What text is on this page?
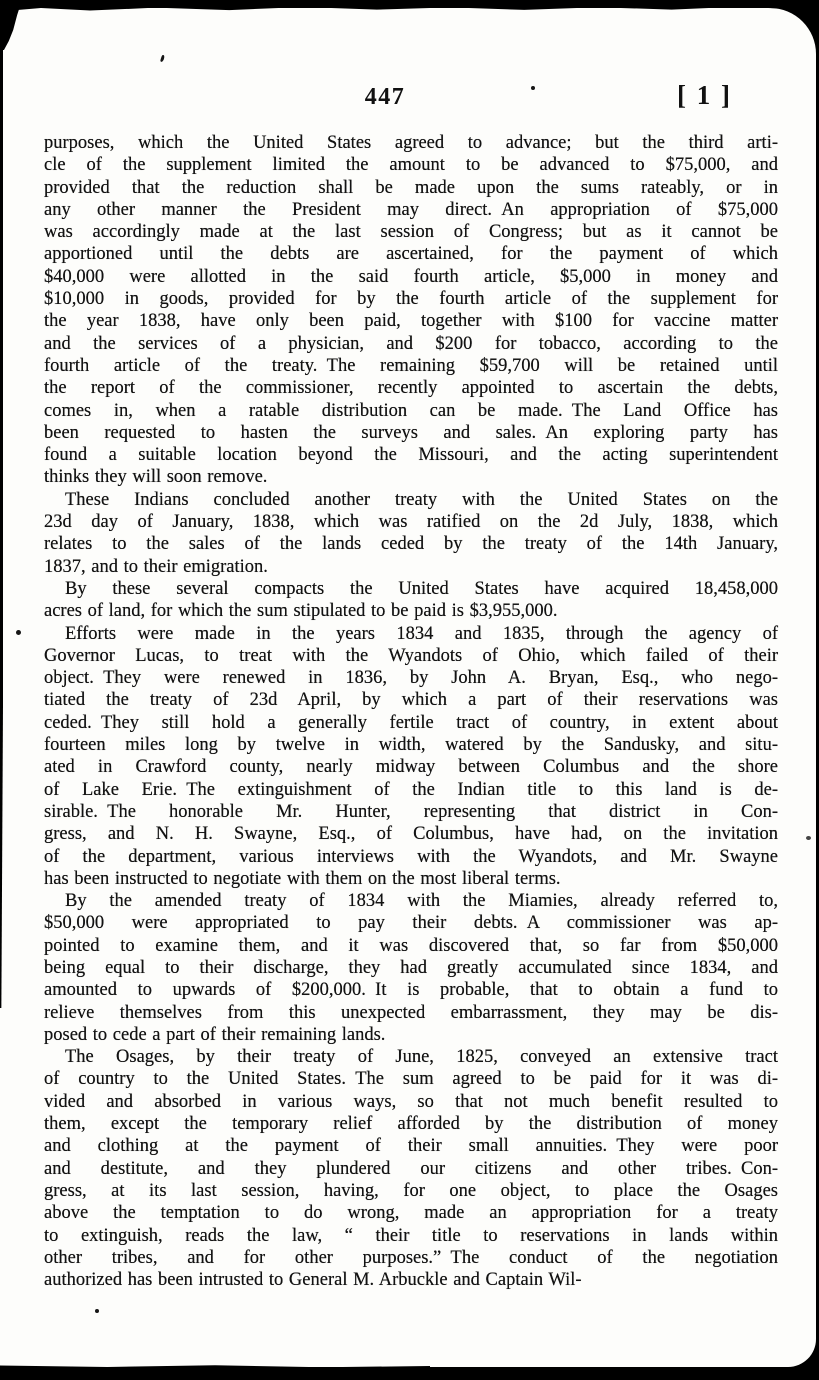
447	[ 1 ]
purposes, which the United States agreed to advance; but the third arti-
cle of the supplement limited the amount to be advanced to $75,000, and
provided that the reduction shall be made upon the sums rateably, or in
any other manner the President may direct. An appropriation of $75,000
was accordingly made at the last session of Congress; but as it cannot be
apportioned until the debts are ascertained, for the payment of which
$40,000 were allotted in the said fourth article, $5,000 in money and
$10,000 in goods, provided for by the fourth article of the supplement for
the year 1838, have only been paid, together with $100 for vaccine matter
and the services of a physician, and $200 for tobacco, according to the
fourth article of the treaty. The remaining $59,700 will be retained until
the report of the commissioner, recently appointed to ascertain the debts,
comes in, when a ratable distribution can be made. The Land Office has
been requested to hasten the surveys and sales. An exploring party has
found a suitable location beyond the Missouri, and the acting superintendent
thinks they will soon remove.
These Indians concluded another treaty with the United States on the
23d day of January, 1838, which was ratified on the 2d July, 1838, which
relates to the sales of the lands ceded by the treaty of the 14th January,
1837, and to their emigration.
By these several compacts the United States have acquired 18,458,000
acres of land, for which the sum stipulated to be paid is $3,955,000.
Efforts were made in the years 1834 and 1835, through the agency of
Governor Lucas, to treat with the Wyandots of Ohio, which failed of their
object. They were renewed in 1836, by John A. Bryan, Esq., who nego-
tiated the treaty of 23d April, by which a part of their reservations was
ceded. They still hold a generally fertile tract of country, in extent about
fourteen miles long by twelve in width, watered by the Sandusky, and situ-
ated in Crawford county, nearly midway between Columbus and the shore
of Lake Erie. The extinguishment of the Indian title to this land is de-
sirable. The honorable Mr. Hunter, representing that district in Con-
gress, and N. H. Swayne, Esq., of Columbus, have had, on the invitation
of the department, various interviews with the Wyandots, and Mr. Swayne
has been instructed to negotiate with them on the most liberal terms.
By the amended treaty of 1834 with the Miamies, already referred to,
$50,000 were appropriated to pay their debts. A commissioner was ap-
pointed to examine them, and it was discovered that, so far from $50,000
being equal to their discharge, they had greatly accumulated since 1834, and
amounted to upwards of $200,000. It is probable, that to obtain a fund to
relieve themselves from this unexpected embarrassment, they may be dis-
posed to cede a part of their remaining lands.
The Osages, by their treaty of June, 1825, conveyed an extensive tract
of country to the United States. The sum agreed to be paid for it was di-
vided and absorbed in various ways, so that not much benefit resulted to
them, except the temporary relief afforded by the distribution of money
and clothing at the payment of their small annuities. They were poor
and destitute, and they plundered our citizens and other tribes. Con-
gress, at its last session, having, for one object, to place the Osages
above the temptation to do wrong, made an appropriation for a treaty
to extinguish, reads the law, “ their title to reservations in lands within
other tribes, and for other purposes.” The conduct of the negotiation
authorized has been intrusted to General M. Arbuckle and Captain Wil-
